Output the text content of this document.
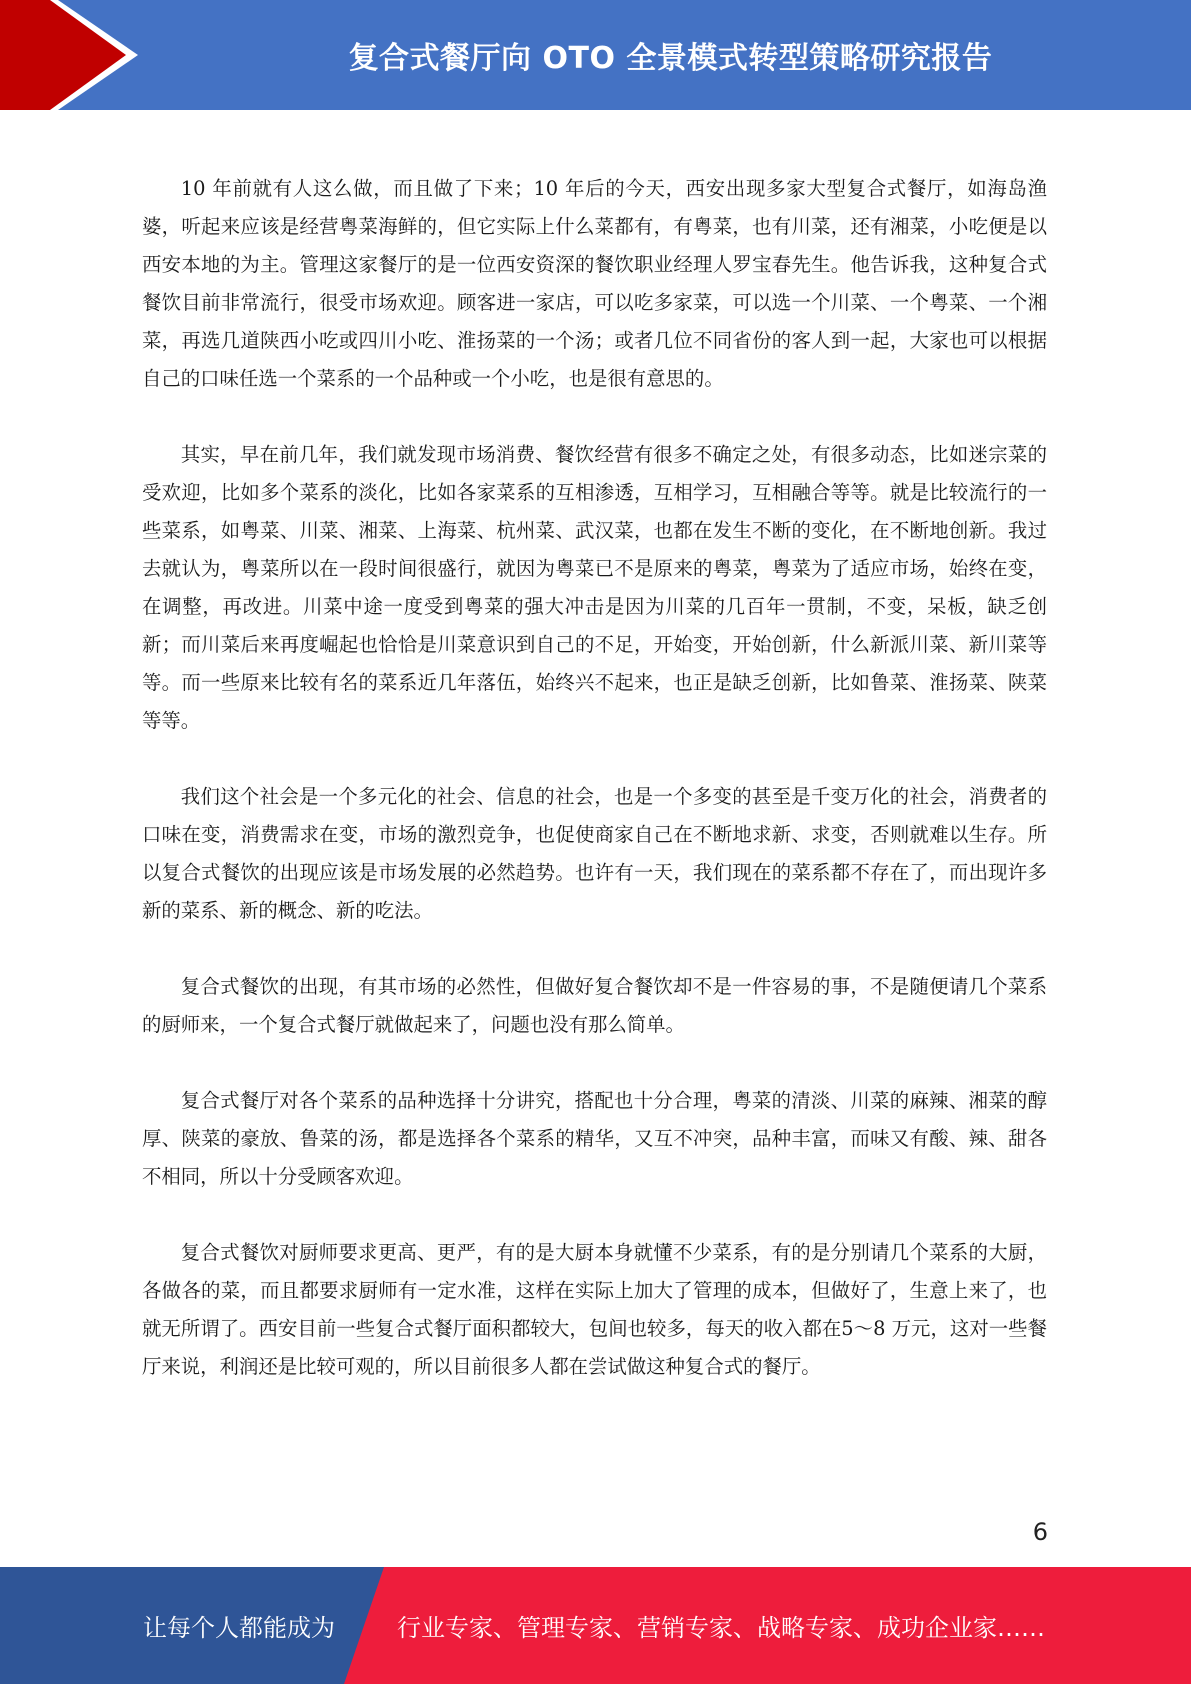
复合式餐厅向 OTO 全景模式转型策略研究报告

10 年前就有人这么做，而且做了下来；10 年后的今天，西安出现多家大型复合式餐厅，如海岛渔婆，听起来应该是经营粤菜海鲜的，但它实际上什么菜都有，有粤菜，也有川菜，还有湘菜，小吃便是以西安本地的为主。管理这家餐厅的是一位西安资深的餐饮职业经理人罗宝春先生。他告诉我，这种复合式餐饮目前非常流行，很受市场欢迎。顾客进一家店，可以吃多家菜，可以选一个川菜、一个粤菜、一个湘菜，再选几道陕西小吃或四川小吃、淮扬菜的一个汤；或者几位不同省份的客人到一起，大家也可以根据自己的口味任选一个菜系的一个品种或一个小吃，也是很有意思的。

其实，早在前几年，我们就发现市场消费、餐饮经营有很多不确定之处，有很多动态，比如迷宗菜的受欢迎，比如多个菜系的淡化，比如各家菜系的互相渗透，互相学习，互相融合等等。就是比较流行的一些菜系，如粤菜、川菜、湘菜、上海菜、杭州菜、武汉菜，也都在发生不断的变化，在不断地创新。我过去就认为，粤菜所以在一段时间很盛行，就因为粤菜已不是原来的粤菜，粤菜为了适应市场，始终在变，在调整，再改进。川菜中途一度受到粤菜的强大冲击是因为川菜的几百年一贯制，不变，呆板，缺乏创新；而川菜后来再度崛起也恰恰是川菜意识到自己的不足，开始变，开始创新，什么新派川菜、新川菜等等。而一些原来比较有名的菜系近几年落伍，始终兴不起来，也正是缺乏创新，比如鲁菜、淮扬菜、陕菜等等。

我们这个社会是一个多元化的社会、信息的社会，也是一个多变的甚至是千变万化的社会，消费者的口味在变，消费需求在变，市场的激烈竞争，也促使商家自己在不断地求新、求变，否则就难以生存。所以复合式餐饮的出现应该是市场发展的必然趋势。也许有一天，我们现在的菜系都不存在了，而出现许多新的菜系、新的概念、新的吃法。

复合式餐饮的出现，有其市场的必然性，但做好复合餐饮却不是一件容易的事，不是随便请几个菜系的厨师来，一个复合式餐厅就做起来了，问题也没有那么简单。

复合式餐厅对各个菜系的品种选择十分讲究，搭配也十分合理，粤菜的清淡、川菜的麻辣、湘菜的醇厚、陕菜的豪放、鲁菜的汤，都是选择各个菜系的精华，又互不冲突，品种丰富，而味又有酸、辣、甜各不相同，所以十分受顾客欢迎。

复合式餐饮对厨师要求更高、更严，有的是大厨本身就懂不少菜系，有的是分别请几个菜系的大厨，各做各的菜，而且都要求厨师有一定水准，这样在实际上加大了管理的成本，但做好了，生意上来了，也就无所谓了。西安目前一些复合式餐厅面积都较大，包间也较多，每天的收入都在5～8 万元，这对一些餐厅来说，利润还是比较可观的，所以目前很多人都在尝试做这种复合式的餐厅。

6
让每个人都能成为	行业专家、管理专家、营销专家、战略专家、成功企业家……
